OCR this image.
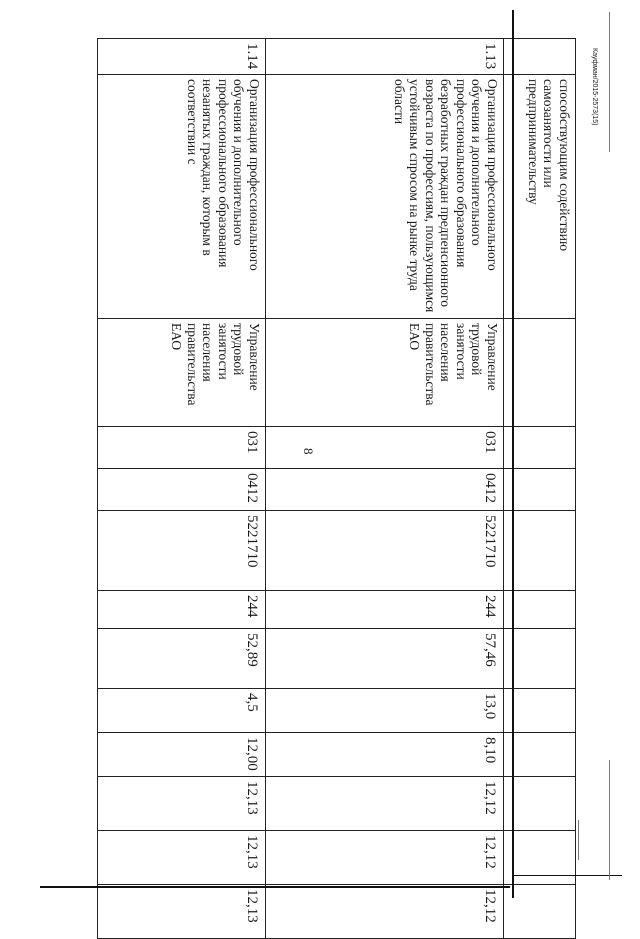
8
Кауфман/2015-2573(15)
	способствующим содействию самозанятости или предпринимательству											
1.13	Организация профессионального обучения и дополнительного профессионального образования безработных граждан предпенсионного возраста по профессиям, пользующимся устойчивым спросом на рынке труда области	Управление трудовой занятости населения правительства ЕАО	031	0412	5221710	244	57,46	13,0	8,10	12,12	12,12	12,12
1.14	Организация профессионального обучения и дополнительного профессионального образования незанятых граждан, которым в соответствии с	Управление трудовой занятости населения правительства ЕАО	031	0412	5221710	244	52,89	4,5	12,00	12,13	12,13	12,13
